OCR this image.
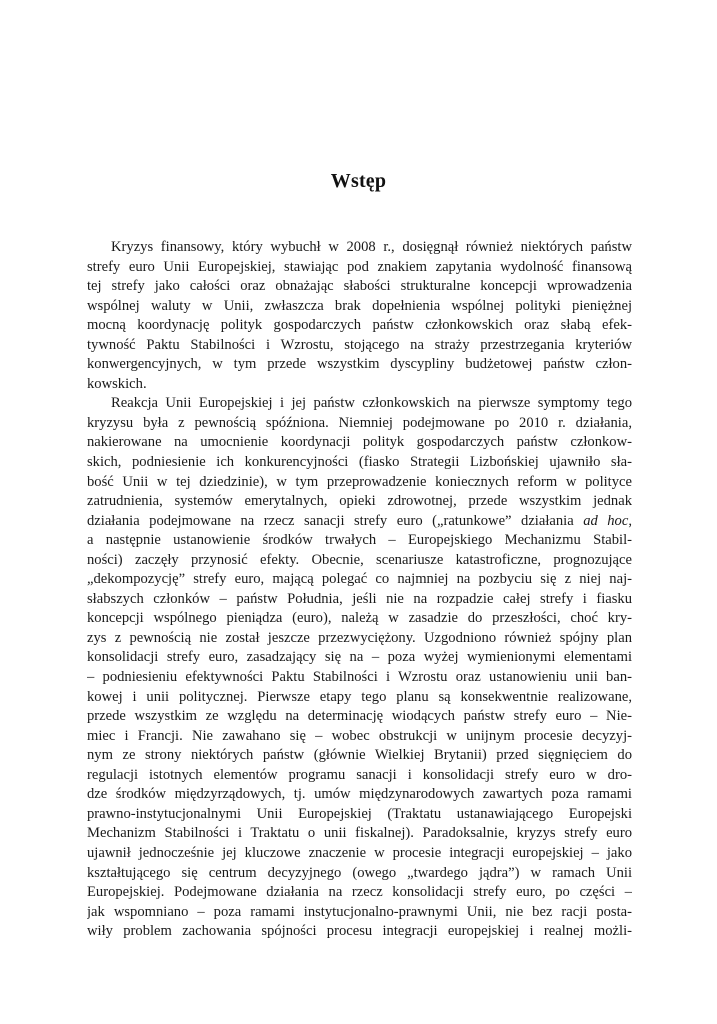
Wstęp
Kryzys finansowy, który wybuchł w 2008 r., dosięgnął również niektórych państw
strefy euro Unii Europejskiej, stawiając pod znakiem zapytania wydolność finansową
tej strefy jako całości oraz obnażając słabości strukturalne koncepcji wprowadzenia
wspólnej waluty w Unii, zwłaszcza brak dopełnienia wspólnej polityki pieniężnej
mocną koordynację polityk gospodarczych państw członkowskich oraz słabą efek-
tywność Paktu Stabilności i Wzrostu, stojącego na straży przestrzegania kryteriów
konwergencyjnych, w tym przede wszystkim dyscypliny budżetowej państw człon-
kowskich.
Reakcja Unii Europejskiej i jej państw członkowskich na pierwsze symptomy tego
kryzysu była z pewnością spóźniona. Niemniej podejmowane po 2010 r. działania,
nakierowane na umocnienie koordynacji polityk gospodarczych państw członkow-
skich, podniesienie ich konkurencyjności (fiasko Strategii Lizbońskiej ujawniło sła-
bość Unii w tej dziedzinie), w tym przeprowadzenie koniecznych reform w polityce
zatrudnienia, systemów emerytalnych, opieki zdrowotnej, przede wszystkim jednak
działania podejmowane na rzecz sanacji strefy euro („ratunkowe” działania ad hoc,
a następnie ustanowienie środków trwałych – Europejskiego Mechanizmu Stabil-
ności) zaczęły przynosić efekty. Obecnie, scenariusze katastroficzne, prognozujące
„dekompozycję” strefy euro, mającą polegać co najmniej na pozbyciu się z niej naj-
słabszych członków – państw Południa, jeśli nie na rozpadzie całej strefy i fiasku
koncepcji wspólnego pieniądza (euro), należą w zasadzie do przeszłości, choć kry-
zys z pewnością nie został jeszcze przezwyciężony. Uzgodniono również spójny plan
konsolidacji strefy euro, zasadzający się na – poza wyżej wymienionymi elementami
– podniesieniu efektywności Paktu Stabilności i Wzrostu oraz ustanowieniu unii ban-
kowej i unii politycznej. Pierwsze etapy tego planu są konsekwentnie realizowane,
przede wszystkim ze względu na determinację wiodących państw strefy euro – Nie-
miec i Francji. Nie zawahano się – wobec obstrukcji w unijnym procesie decyzyj-
nym ze strony niektórych państw (głównie Wielkiej Brytanii) przed sięgnięciem do
regulacji istotnych elementów programu sanacji i konsolidacji strefy euro w dro-
dze środków międzyrządowych, tj. umów międzynarodowych zawartych poza ramami
prawno-instytucjonalnymi Unii Europejskiej (Traktatu ustanawiającego Europejski
Mechanizm Stabilności i Traktatu o unii fiskalnej). Paradoksalnie, kryzys strefy euro
ujawnił jednocześnie jej kluczowe znaczenie w procesie integracji europejskiej – jako
kształtującego się centrum decyzyjnego (owego „twardego jądra”) w ramach Unii
Europejskiej. Podejmowane działania na rzecz konsolidacji strefy euro, po części –
jak wspomniano – poza ramami instytucjonalno-prawnymi Unii, nie bez racji posta-
wiły problem zachowania spójności procesu integracji europejskiej i realnej możli-
